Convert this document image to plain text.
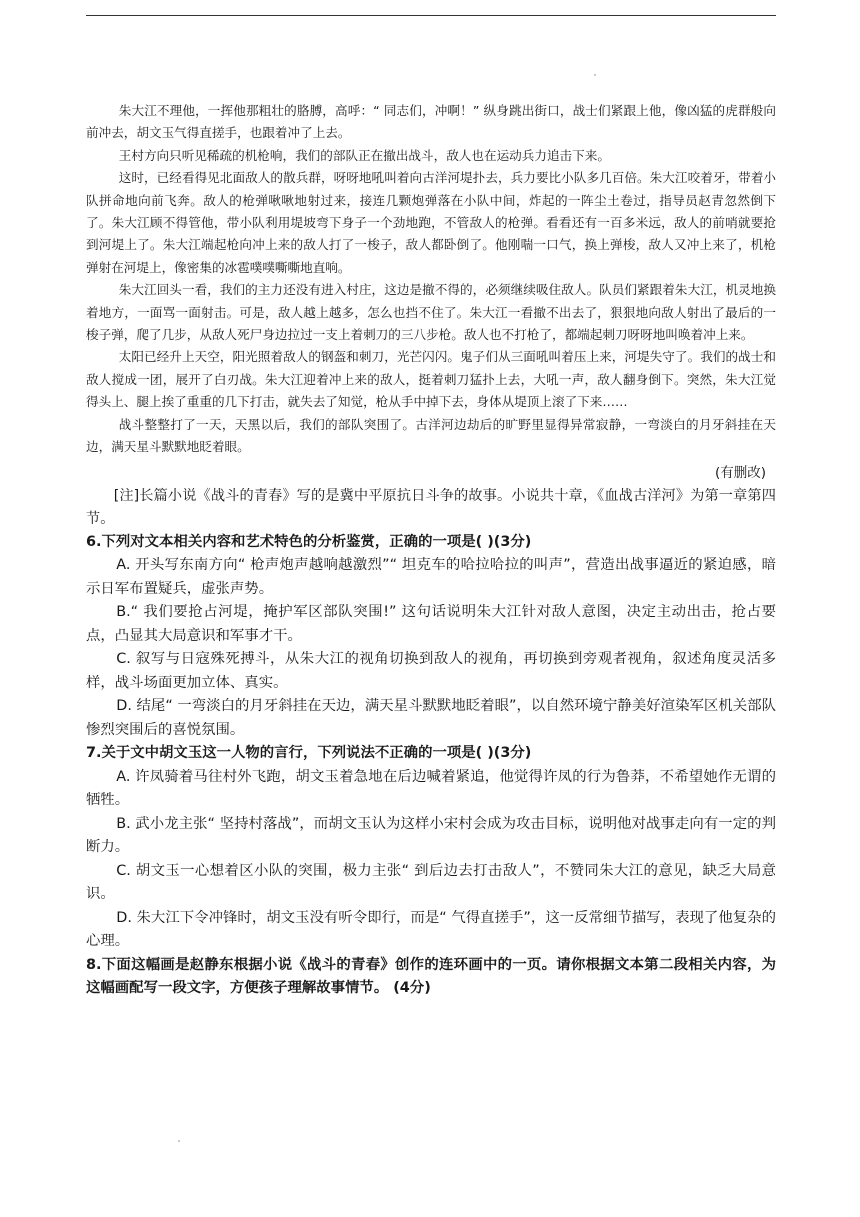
朱大江不理他，一挥他那粗壮的胳膊，高呼：“ 同志们，冲啊！” 纵身跳出街口，战士们紧跟上他，像凶猛的虎群般向前冲去，胡文玉气得直搓手，也跟着冲了上去。

王村方向只听见稀疏的机枪响，我们的部队正在撤出战斗，敌人也在运动兵力追击下来。

这时，已经看得见北面敌人的散兵群，呀呀地吼叫着向古洋河堤扑去，兵力要比小队多几百倍。朱大江咬着牙，带着小队拼命地向前飞奔。敌人的枪弹啾啾地射过来，接连几颗炮弹落在小队中间，炸起的一阵尘土卷过，指导员赵青忽然倒下了。朱大江顾不得管他，带小队利用堤坡弯下身子一个劲地跑，不管敌人的枪弹。看看还有一百多米远，敌人的前哨就要抢到河堤上了。朱大江端起枪向冲上来的敌人打了一梭子，敌人都卧倒了。他刚喘一口气，换上弹梭，敌人又冲上来了，机枪弹射在河堤上，像密集的冰雹噗噗嘶嘶地直响。

朱大江回头一看，我们的主力还没有进入村庄，这边是撤不得的，必须继续吸住敌人。队员们紧跟着朱大江，机灵地换着地方，一面骂一面射击。可是，敌人越上越多，怎么也挡不住了。朱大江一看撤不出去了，狠狠地向敌人射出了最后的一梭子弹，爬了几步，从敌人死尸身边拉过一支上着刺刀的三八步枪。敌人也不打枪了，都端起刺刀呀呀地叫唤着冲上来。

太阳已经升上天空，阳光照着敌人的钢盔和刺刀，光芒闪闪。鬼子们从三面吼叫着压上来，河堤失守了。我们的战士和敌人搅成一团，展开了白刃战。朱大江迎着冲上来的敌人，挺着刺刀猛扑上去，大吼一声，敌人翻身倒下。突然，朱大江觉得头上、腿上挨了重重的几下打击，就失去了知觉，枪从手中掉下去，身体从堤顶上滚了下来……

战斗整整打了一天，天黑以后，我们的部队突围了。古洋河边劫后的旷野里显得异常寂静，一弯淡白的月牙斜挂在天边，满天星斗默默地眨着眼。

(有删改)

[注]长篇小说《战斗的青春》写的是冀中平原抗日斗争的故事。小说共十章，《血战古洋河》为第一章第四节。

6.下列对文本相关内容和艺术特色的分析鉴赏，正确的一项是( )(3分)

A. 开头写东南方向“ 枪声炮声越响越激烈”“ 坦克车的哈拉哈拉的叫声”，营造出战事逼近的紧迫感，暗示日军布置疑兵，虚张声势。

B.“ 我们要抢占河堤，掩护军区部队突围!” 这句话说明朱大江针对敌人意图，决定主动出击，抢占要点，凸显其大局意识和军事才干。

C. 叙写与日寇殊死搏斗，从朱大江的视角切换到敌人的视角，再切换到旁观者视角，叙述角度灵活多样，战斗场面更加立体、真实。

D. 结尾“ 一弯淡白的月牙斜挂在天边，满天星斗默默地眨着眼”，以自然环境宁静美好渲染军区机关部队惨烈突围后的喜悦氛围。

7.关于文中胡文玉这一人物的言行，下列说法不正确的一项是( )(3分)

A. 许凤骑着马往村外飞跑，胡文玉着急地在后边喊着紧追，他觉得许凤的行为鲁莽，不希望她作无谓的牺牲。

B. 武小龙主张“ 坚持村落战”，而胡文玉认为这样小宋村会成为攻击目标，说明他对战事走向有一定的判断力。

C. 胡文玉一心想着区小队的突围，极力主张“ 到后边去打击敌人”，不赞同朱大江的意见，缺乏大局意识。

D. 朱大江下令冲锋时，胡文玉没有听令即行，而是“ 气得直搓手”，这一反常细节描写，表现了他复杂的心理。

8.下面这幅画是赵静东根据小说《战斗的青春》创作的连环画中的一页。请你根据文本第二段相关内容，为这幅画配写一段文字，方便孩子理解故事情节。 (4分)
